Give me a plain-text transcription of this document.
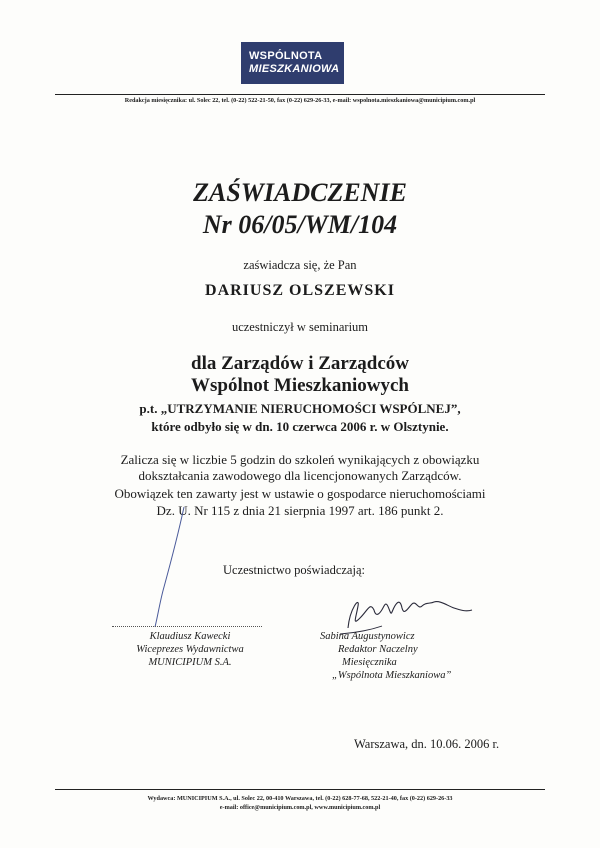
WSPÓLNOTA
MIESZKANIOWA
Redakcja miesięcznika: ul. Solec 22, tel. (0-22) 522-21-50, fax (0-22) 629-26-33, e-mail: wspolnota.mieszkaniowa@municipium.com.pl
ZAŚWIADCZENIE
Nr 06/05/WM/104
zaświadcza się, że Pan
DARIUSZ OLSZEWSKI
uczestniczył w seminarium
dla Zarządów i Zarządców
Wspólnot Mieszkaniowych
p.t. „UTRZYMANIE NIERUCHOMOŚCI WSPÓLNEJ”,
które odbyło się w dn. 10 czerwca 2006 r. w Olsztynie.
Zalicza się w liczbie 5 godzin do szkoleń wynikających z obowiązku
dokształcania zawodowego dla licencjonowanych Zarządców.
Obowiązek ten zawarty jest w ustawie o gospodarce nieruchomościami
Dz. U. Nr 115 z dnia 21 sierpnia 1997 art. 186 punkt 2.
Uczestnictwo poświadczają:
Klaudiusz Kawecki
Wiceprezes Wydawnictwa
MUNICIPIUM S.A.
Sabina Augustynowicz
Redaktor Naczelny
Miesięcznika
„Wspólnota Mieszkaniowa”
Warszawa, dn. 10.06. 2006 r.
Wydawca: MUNICIPIUM S.A., ul. Solec 22, 00-410 Warszawa, tel. (0-22) 628-77-68, 522-21-40, fax (0-22) 629-26-33
e-mail: office@municipium.com.pl, www.municipium.com.pl
